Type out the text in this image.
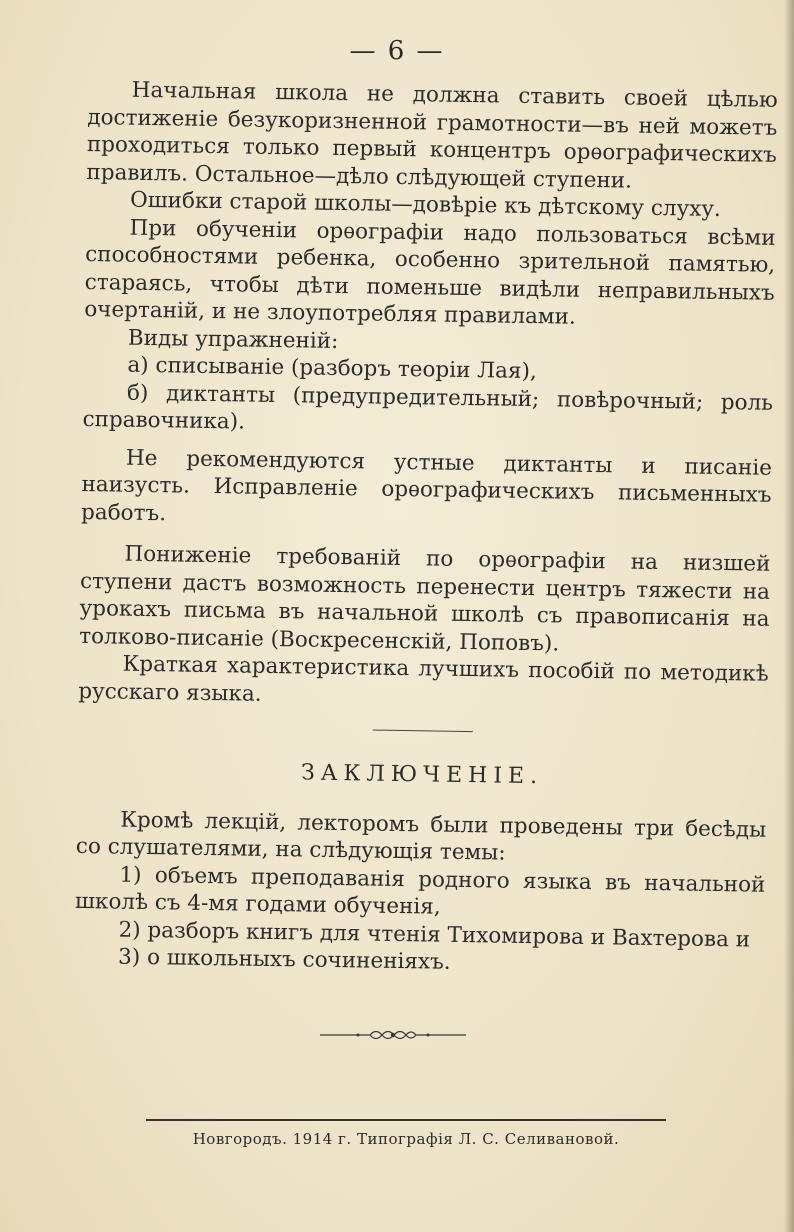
— 6 —

Начальная школа не должна ставить своей цѣлью достиженіе безукоризненной грамотности—въ ней можетъ проходиться только первый концентръ орѳографическихъ правилъ. Остальное—дѣло слѣдующей ступени.

Ошибки старой школы—довѣріе къ дѣтскому слуху.

При обученіи орѳографіи надо пользоваться всѣми способностями ребенка, особенно зрительной памятью, стараясь, чтобы дѣти поменьше видѣли неправильныхъ очертаній, и не злоупотребляя правилами.

Виды упражненій:

а) списываніе (разборъ теоріи Лая),

б) диктанты (предупредительный; повѣрочный; роль справочника).

Не рекомендуются устные диктанты и писаніе наизусть. Исправленіе орѳографическихъ письменныхъ работъ.

Пониженіе требованій по орѳографіи на низшей ступени дастъ возможность перенести центръ тяжести на урокахъ письма въ начальной школѣ съ правописанія на толково-писаніе (Воскресенскій, Поповъ).

Краткая характеристика лучшихъ пособій по методикѣ русскаго языка.

ЗАКЛЮЧЕНІЕ.

Кромѣ лекцій, лекторомъ были проведены три бесѣды со слушателями, на слѣдующія темы:

1) объемъ преподаванія родного языка въ начальной школѣ съ 4-мя годами обученія,

2) разборъ книгъ для чтенія Тихомирова и Вахтерова и

3) о школьныхъ сочиненіяхъ.

Новгородъ. 1914 г. Типографія Л. С. Селивановой.
